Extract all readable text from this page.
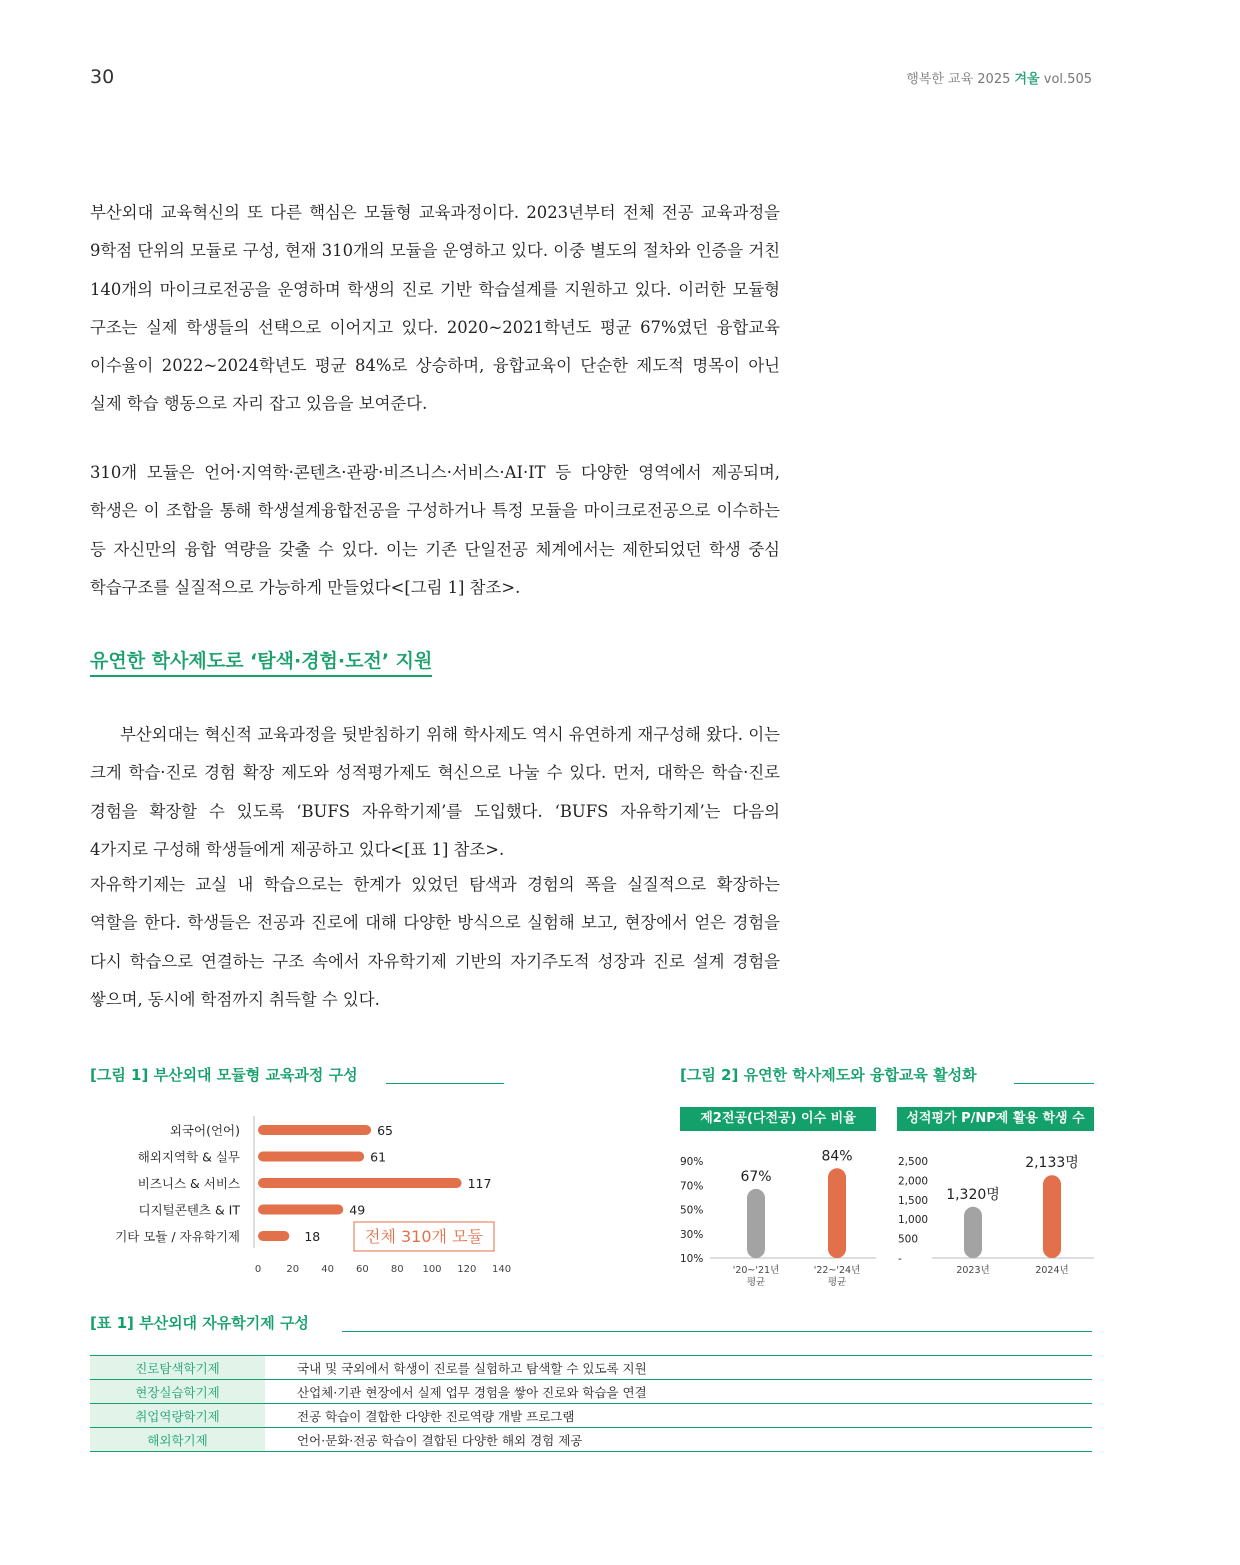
30	행복한 교육 2025 겨울 vol.505
부산외대 교육혁신의 또 다른 핵심은 모듈형 교육과정이다. 2023년부터 전체 전공 교육과정을 9학점 단위의 모듈로 구성, 현재 310개의 모듈을 운영하고 있다. 이중 별도의 절차와 인증을 거친 140개의 마이크로전공을 운영하며 학생의 진로 기반 학습설계를 지원하고 있다. 이러한 모듈형 구조는 실제 학생들의 선택으로 이어지고 있다. 2020~2021학년도 평균 67%였던 융합교육 이수율이 2022~2024학년도 평균 84%로 상승하며, 융합교육이 단순한 제도적 명목이 아닌 실제 학습 행동으로 자리 잡고 있음을 보여준다.
310개 모듈은 언어·지역학·콘텐츠·관광·비즈니스·서비스·AI·IT 등 다양한 영역에서 제공되며, 학생은 이 조합을 통해 학생설계융합전공을 구성하거나 특정 모듈을 마이크로전공으로 이수하는 등 자신만의 융합 역량을 갖출 수 있다. 이는 기존 단일전공 체계에서는 제한되었던 학생 중심 학습구조를 실질적으로 가능하게 만들었다<[그림 1] 참조>.
유연한 학사제도로 ‘탐색·경험·도전’ 지원
부산외대는 혁신적 교육과정을 뒷받침하기 위해 학사제도 역시 유연하게 재구성해 왔다. 이는 크게 학습·진로 경험 확장 제도와 성적평가제도 혁신으로 나눌 수 있다. 먼저, 대학은 학습·진로 경험을 확장할 수 있도록 ‘BUFS 자유학기제’를 도입했다. ‘BUFS 자유학기제’는 다음의 4가지로 구성해 학생들에게 제공하고 있다<[표 1] 참조>.
자유학기제는 교실 내 학습으로는 한계가 있었던 탐색과 경험의 폭을 실질적으로 확장하는 역할을 한다. 학생들은 전공과 진로에 대해 다양한 방식으로 실험해 보고, 현장에서 얻은 경험을 다시 학습으로 연결하는 구조 속에서 자유학기제 기반의 자기주도적 성장과 진로 설계 경험을 쌓으며, 동시에 학점까지 취득할 수 있다.
[그림 1] 부산외대 모듈형 교육과정 구성
외국어(언어)	65
해외지역학 & 실무	61
비즈니스 & 서비스	117
디지털콘텐츠 & IT	49
기타 모듈 / 자유학기제	18
0	20 40 60 80 100 120 140
전체 310개 모듈
[그림 2] 유연한 학사제도와 융합교육 활성화
제2전공(다전공) 이수 비율	성적평가 P/NP제 활용 학생 수
90%
70%
50%
30%
10%
67%
'20~'21년
평균
84%
'22~'24년
평균
2,500
2,000
1,500
1,000
500
-
1,320명
2023년
2,133명
2024년
[표 1] 부산외대 자유학기제 구성
진로탐색학기제	국내 및 국외에서 학생이 진로를 실험하고 탐색할 수 있도록 지원
현장실습학기제	산업체·기관 현장에서 실제 업무 경험을 쌓아 진로와 학습을 연결
취업역량학기제	전공 학습이 결합한 다양한 진로역량 개발 프로그램
해외학기제	언어·문화·전공 학습이 결합된 다양한 해외 경험 제공
